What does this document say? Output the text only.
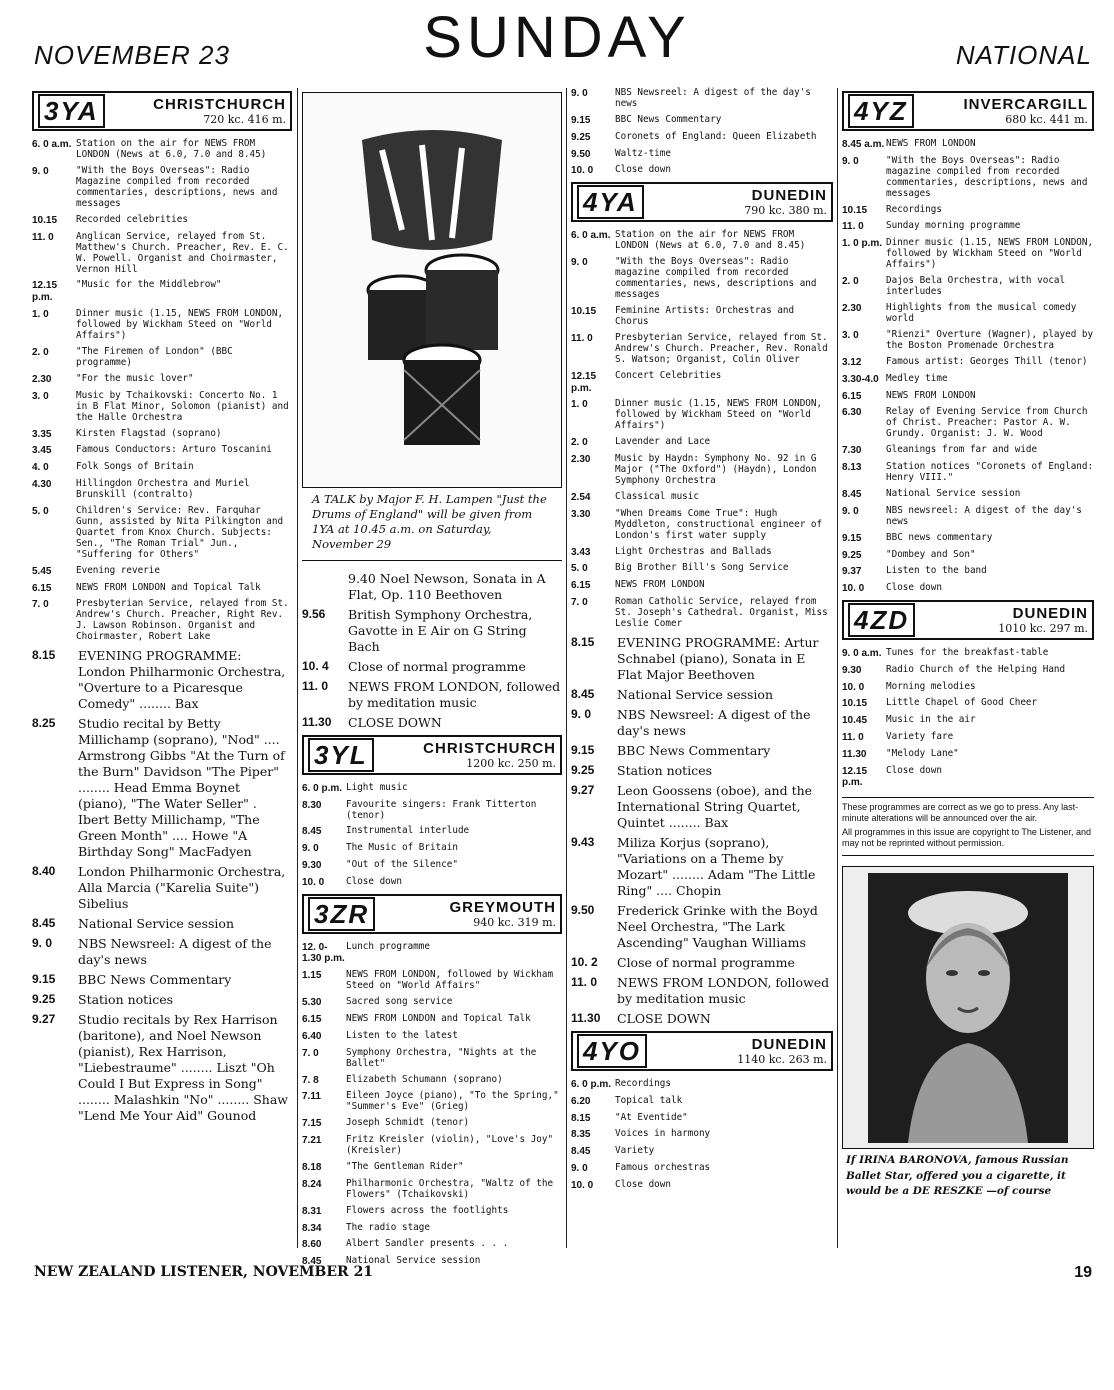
NOVEMBER 23	SUNDAY	NATIONAL
3YA	CHRISTCHURCH
720 kc. 416 m.
6. 0 a.m. Station on the air for NEWS FROM LONDON (News at 6.0, 7.0 and 8.45)
9. 0	"With the Boys Overseas": Radio Magazine compiled from recorded commentaries, descriptions, news and messages
10.15	Recorded celebrities
11. 0	Anglican Service, relayed from St. Matthew's Church. Preacher, Rev. E. C. W. Powell. Organist and Choirmaster, Vernon Hill
12.15 p.m.
"Music for the Middlebrow"
1. 0	Dinner music (1.15, NEWS FROM LONDON, followed by Wickham Steed on "World Affairs")
2. 0	"The Firemen of London" (BBC programme)
2.30	"For the music lover"
3. 0	Music by Tchaikovski: Concerto No. 1 in B Flat Minor, Solomon (pianist) and the Halle Orchestra
3.35	Kirsten Flagstad (soprano)
3.45	Famous Conductors: Arturo Toscanini
4. 0	Folk Songs of Britain
4.30	Hillingdon Orchestra and Muriel Brunskill (contralto)
5. 0	Children's Service: Rev. Farquhar Gunn, assisted by Nita Pilkington and Quartet from Knox Church. Subjects: Sen., "The Roman Trial" Jun., "Suffering for Others"
5.45	Evening reverie
6.15	NEWS FROM LONDON and Topical Talk
7. 0	Presbyterian Service, relayed from St. Andrew's Church. Preacher, Right Rev. J. Lawson Robinson. Organist and Choirmaster, Robert Lake
8.15	EVENING PROGRAMME: London Philharmonic Orchestra, "Overture to a Picaresque Comedy" ........ Bax
8.25	Studio recital by Betty Millichamp (soprano), "Nod" .... Armstrong Gibbs "At the Turn of the Burn" Davidson "The Piper" ........ Head Emma Boynet (piano), "The Water Seller" . Ibert Betty Millichamp, "The Green Month" .... Howe "A Birthday Song" MacFadyen
8.40	London Philharmonic Orchestra, Alla Marcia ("Karelia Suite") Sibelius
8.45	National Service session
9. 0	NBS Newsreel: A digest of the day's news
9.15	BBC News Commentary
9.25	Station notices
9.27	Studio recitals by Rex Harrison (baritone), and Noel Newson (pianist), Rex Harrison, "Liebestraume" ........ Liszt "Oh Could I But Express in Song" ........ Malashkin "No" ........ Shaw "Lend Me Your Aid" Gounod
A TALK by Major F. H. Lampen "Just the Drums of England" will be given from 1YA at 10.45 a.m. on Saturday, November 29
9.40 Noel Newson, Sonata in A Flat, Op. 110 Beethoven
9.56	British Symphony Orchestra, Gavotte in E Air on G String Bach
10. 4	Close of normal programme
11. 0	NEWS FROM LONDON, followed by meditation music
11.30	CLOSE DOWN
3YL	CHRISTCHURCH
1200 kc. 250 m.
6. 0 p.m. Light music
8.30	Favourite singers: Frank Titterton (tenor)
8.45	Instrumental interlude
9. 0	The Music of Britain
9.30	"Out of the Silence"
10. 0	Close down
3ZR	GREYMOUTH
940 kc. 319 m.
12. 0-1.30 p.m.
Lunch programme
1.15	NEWS FROM LONDON, followed by Wickham Steed on "World Affairs"
5.30	Sacred song service
6.15	NEWS FROM LONDON and Topical Talk
6.40	Listen to the latest
7. 0	Symphony Orchestra, "Nights at the Ballet"
7. 8	Elizabeth Schumann (soprano)
7.11	Eileen Joyce (piano), "To the Spring," "Summer's Eve" (Grieg)
7.15	Joseph Schmidt (tenor)
7.21	Fritz Kreisler (violin), "Love's Joy" (Kreisler)
8.18	"The Gentleman Rider"
8.24	Philharmonic Orchestra, "Waltz of the Flowers" (Tchaikovski)
8.31	Flowers across the footlights
8.34	The radio stage
8.60	Albert Sandler presents . . .
8.45	National Service session
9. 0	NBS Newsreel: A digest of the day's news
9.15	BBC News Commentary
9.25	Coronets of England: Queen Elizabeth
9.50	Waltz-time
10. 0	Close down
4YA	DUNEDIN
790 kc. 380 m.
6. 0 a.m. Station on the air for NEWS FROM LONDON (News at 6.0, 7.0 and 8.45)
9. 0	"With the Boys Overseas": Radio magazine compiled from recorded commentaries, news, descriptions and messages
10.15	Feminine Artists: Orchestras and Chorus
11. 0	Presbyterian Service, relayed from St. Andrew's Church. Preacher, Rev. Ronald S. Watson; Organist, Colin Oliver
12.15 p.m.
Concert Celebrities
1. 0	Dinner music (1.15, NEWS FROM LONDON, followed by Wickham Steed on "World Affairs")
2. 0	Lavender and Lace
2.30	Music by Haydn: Symphony No. 92 in G Major ("The Oxford") (Haydn), London Symphony Orchestra
2.54	Classical music
3.30	"When Dreams Come True": Hugh Myddleton, constructional engineer of London's first water supply
3.43	Light Orchestras and Ballads
5. 0	Big Brother Bill's Song Service
6.15	NEWS FROM LONDON
7. 0	Roman Catholic Service, relayed from St. Joseph's Cathedral. Organist, Miss Leslie Comer
8.15	EVENING PROGRAMME: Artur Schnabel (piano), Sonata in E Flat Major Beethoven
8.45	National Service session
9. 0	NBS Newsreel: A digest of the day's news
9.15	BBC News Commentary
9.25	Station notices
9.27	Leon Goossens (oboe), and the International String Quartet, Quintet ........ Bax
9.43	Miliza Korjus (soprano), "Variations on a Theme by Mozart" ........ Adam "The Little Ring" .... Chopin
9.50	Frederick Grinke with the Boyd Neel Orchestra, "The Lark Ascending" Vaughan Williams
10. 2	Close of normal programme
11. 0	NEWS FROM LONDON, followed by meditation music
11.30	CLOSE DOWN
4YO	DUNEDIN
1140 kc. 263 m.
6. 0 p.m. Recordings
6.20	Topical talk
8.15	"At Eventide"
8.35	Voices in harmony
8.45	Variety
9. 0	Famous orchestras
10. 0	Close down
4YZ	INVERCARGILL
680 kc. 441 m.
8.45 a.m. NEWS FROM LONDON
9. 0	"With the Boys Overseas": Radio magazine compiled from recorded commentaries, descriptions, news and messages
10.15	Recordings
11. 0	Sunday morning programme
1. 0 p.m. Dinner music (1.15, NEWS FROM LONDON, followed by Wickham Steed on "World Affairs")
2. 0	Dajos Bela Orchestra, with vocal interludes
2.30	Highlights from the musical comedy world
3. 0	"Rienzi" Overture (Wagner), played by the Boston Promenade Orchestra
3.12	Famous artist: Georges Thill (tenor)
3.30-4.0 Medley time
6.15	NEWS FROM LONDON
6.30	Relay of Evening Service from Church of Christ. Preacher: Pastor A. W. Grundy. Organist: J. W. Wood
7.30	Gleanings from far and wide
8.13	Station notices "Coronets of England: Henry VIII."
8.45	National Service session
9. 0	NBS newsreel: A digest of the day's news
9.15	BBC news commentary
9.25	"Dombey and Son"
9.37	Listen to the band
10. 0	Close down
4ZD	DUNEDIN
1010 kc. 297 m.
9. 0 a.m. Tunes for the breakfast-table
9.30	Radio Church of the Helping Hand
10. 0	Morning melodies
10.15	Little Chapel of Good Cheer
10.45	Music in the air
11. 0	Variety fare
11.30	"Melody Lane"
12.15 p.m.
Close down

These programmes are correct as we go to press. Any last-minute alterations will be announced over the air.

All programmes in this issue are copyright to The Listener, and may not be reprinted without permission.

If IRINA BARONOVA, famous Russian Ballet Star, offered you a cigarette, it would be a DE RESZKE —of course
NEW ZEALAND LISTENER, NOVEMBER 21	19
